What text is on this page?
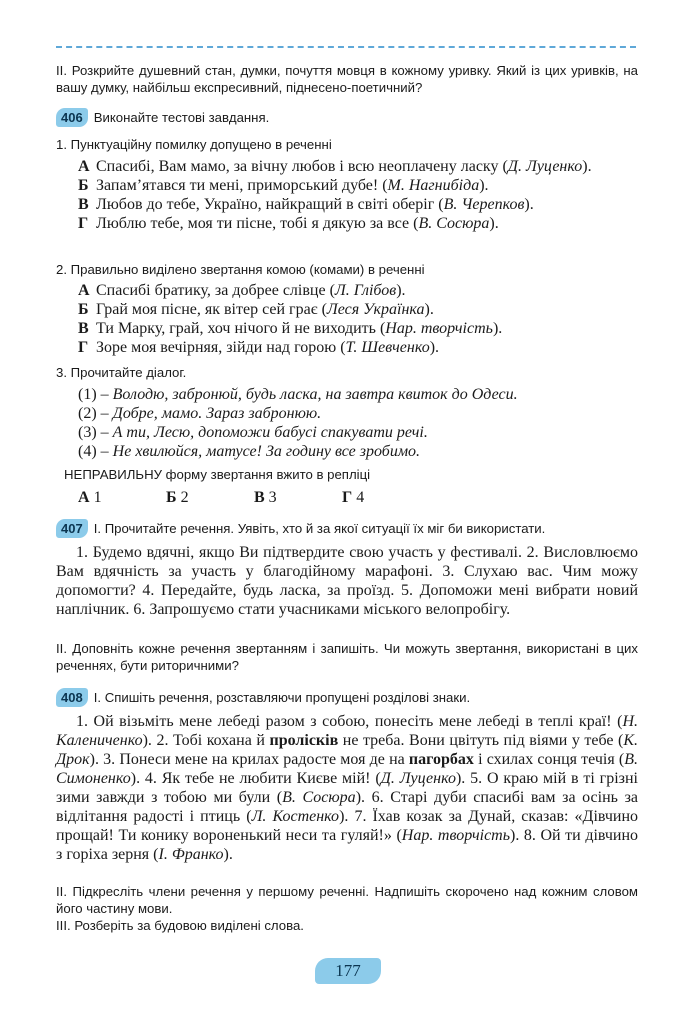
II. Розкрийте душевний стан, думки, почуття мовця в кожному уривку. Який із цих уривків, на вашу думку, найбільш експресивний, піднесено-поетичний?
406 Виконайте тестові завдання.
1. Пунктуаційну помилку допущено в реченні
А Спасибі, Вам мамо, за вічну любов і всю неоплачену ласку (Д. Луценко).
Б Запам’ятався ти мені, приморський дубе! (М. Нагнибіда).
В Любов до тебе, Україно, найкращий в світі оберіг (В. Черепков).
Г Люблю тебе, моя ти пісне, тобі я дякую за все (В. Сосюра).
2. Правильно виділено звертання комою (комами) в реченні
А Спасибі братику, за добрее слівце (Л. Глібов).
Б Грай моя пісне, як вітер сей грає (Леся Українка).
В Ти Марку, грай, хоч нічого й не виходить (Нар. творчість).
Г Зоре моя вечірняя, зійди над горою (Т. Шевченко).
3. Прочитайте діалог.
(1) – Володю, забронюй, будь ласка, на завтра квиток до Одеси.
(2) – Добре, мамо. Зараз забронюю.
(3) – А ти, Лесю, допоможи бабусі спакувати речі.
(4) – Не хвилюйся, матусе! За годину все зробимо.
НЕПРАВИЛЬНУ форму звертання вжито в репліці
А 1	Б 2	В 3	Г 4
407 I. Прочитайте речення. Уявіть, хто й за якої ситуації їх міг би використати.
1. Будемо вдячні, якщо Ви підтвердите свою участь у фестивалі. 2. Висловлюємо Вам вдячність за участь у благодійному марафоні. 3. Слухаю вас. Чим можу допомогти? 4. Передайте, будь ласка, за проїзд. 5. Допоможи мені вибрати новий наплічник. 6. Запрошуємо стати учасниками міського велопробігу.
II. Доповніть кожне речення звертанням і запишіть. Чи можуть звертання, використані в цих реченнях, бути риторичними?
408 I. Спишіть речення, розставляючи пропущені розділові знаки.
1. Ой візьміть мене лебеді разом з собою, понесіть мене лебеді в теплі краї! (Н. Калениченко). 2. Тобі кохана й пролісків не треба. Вони цвітуть під віями у тебе (К. Дрок). 3. Понеси мене на крилах радосте моя де на пагорбах і схилах сонця течія (В. Симоненко). 4. Як тебе не любити Києве мій! (Д. Луценко). 5. О краю мій в ті грізні зими завжди з тобою ми були (В. Сосюра). 6. Старі дуби спасибі вам за осінь за відлітання радості і птиць (Л. Костенко). 7. Їхав козак за Дунай, сказав: «Дівчино прощай! Ти конику вороненький неси та гуляй!» (Нар. творчість). 8. Ой ти дівчино з горіха зерня (І. Франко).
II. Підкресліть члени речення у першому реченні. Надпишіть скорочено над кожним словом його частину мови.
III. Розберіть за будовою виділені слова.
177
